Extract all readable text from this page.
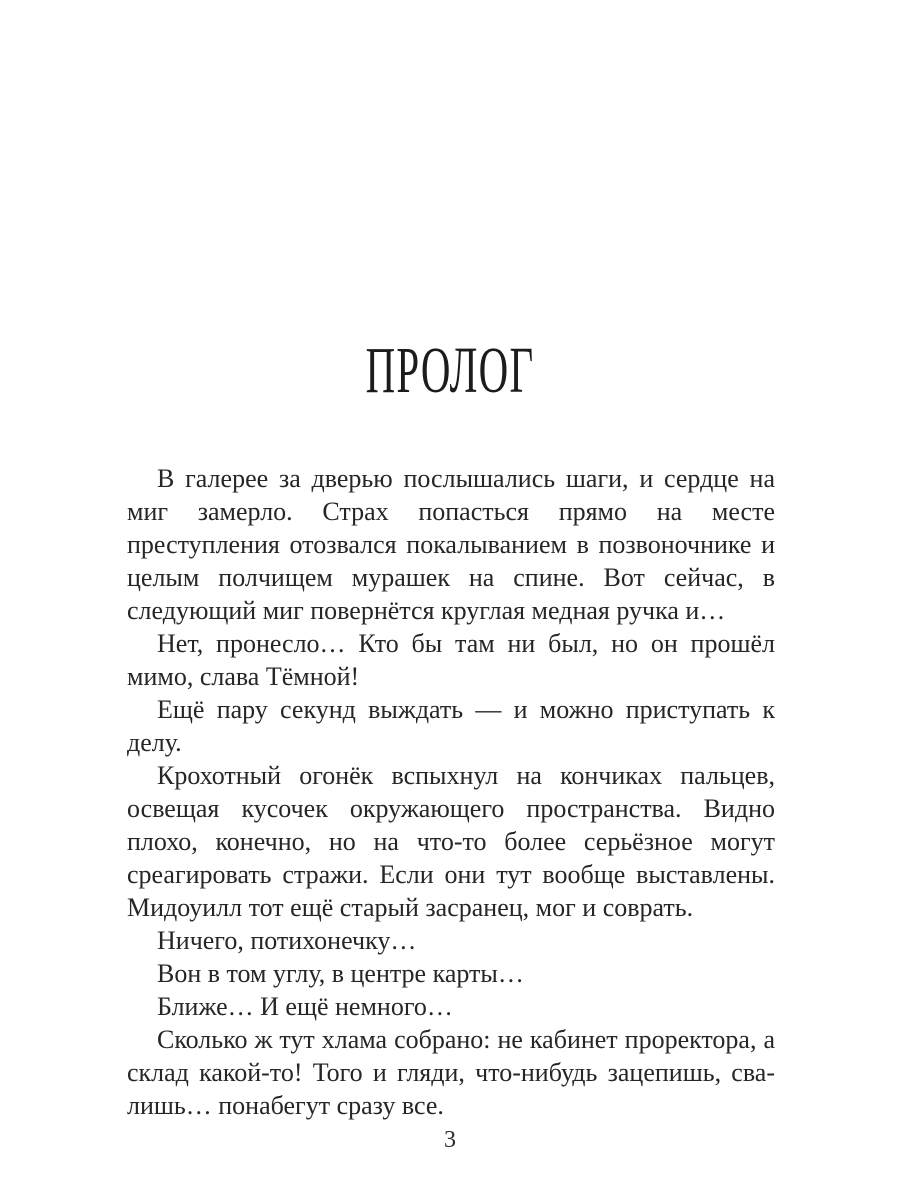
ПРОЛОГ

В галерее за дверью послышались шаги, и сердце на миг замерло. Страх попасться прямо на месте преступления отозвался покалыванием в позвоночнике и целым полчищем мурашек на спине. Вот сейчас, в следующий миг повернётся круглая медная ручка и…

Нет, пронесло… Кто бы там ни был, но он прошёл мимо, слава Тёмной!

Ещё пару секунд выждать — и можно приступать к делу.

Крохотный огонёк вспыхнул на кончиках пальцев, освещая кусочек окружающего пространства. Видно плохо, конечно, но на что-то более серьёзное могут среагировать стражи. Если они тут вообще выставлены. Мидоуилл тот ещё старый засранец, мог и соврать.

Ничего, потихонечку…

Вон в том углу, в центре карты…

Ближе… И ещё немного…

Сколько ж тут хлама собрано: не кабинет проректора, а склад какой-то! Того и гляди, что-нибудь зацепишь, свалишь… понабегут сразу все.

3
